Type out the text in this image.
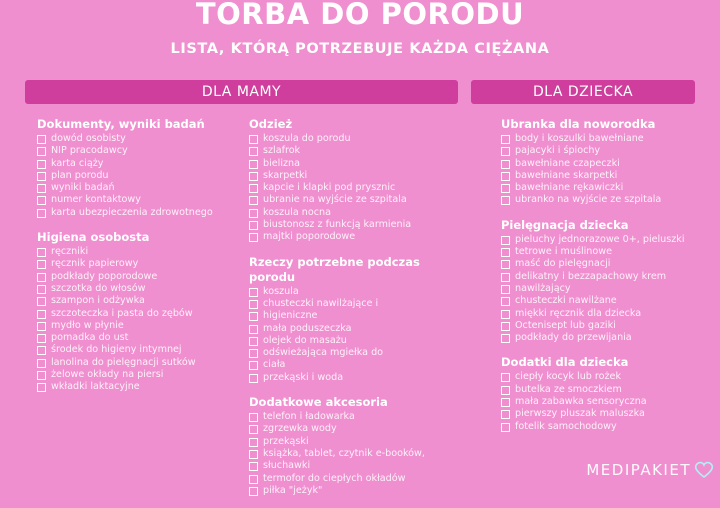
TORBA DO PORODU
LISTA, KTÓRĄ POTRZEBUJE KAŻDA CIĘŻANA
DLA MAMY	DLA DZIECKA
Dokumenty, wyniki badań
dowód osobisty
NIP pracodawcy
karta ciąży
plan porodu
wyniki badań
numer kontaktowy
karta ubezpieczenia zdrowotnego
Higiena osobosta
ręczniki
ręcznik papierowy
podkłady poporodowe
szczotka do włosów
szampon i odżywka
szczoteczka i pasta do zębów
mydło w płynie
pomadka do ust
środek do higieny intymnej
lanolina do pielęgnacji sutków
żelowe okłady na piersi
wkładki laktacyjne
Odzież
koszula do porodu
szlafrok
bielizna
skarpetki
kapcie i klapki pod prysznic
ubranie na wyjście ze szpitala
koszula nocna
biustonosz z funkcją karmienia
majtki poporodowe
Rzeczy potrzebne podczas porodu
koszula
chusteczki nawilżające i
higieniczne
mała poduszeczka
olejek do masażu
odświeżająca mgiełka do
ciała
przekąski i woda
Dodatkowe akcesoria
telefon i ładowarka
zgrzewka wody
przekąski
książka, tablet, czytnik e-booków,
słuchawki
termofor do ciepłych okładów
piłka "jeżyk"
Ubranka dla noworodka
body i koszulki bawełniane
pajacyki i śpiochy
bawełniane czapeczki
bawełniane skarpetki
bawełniane rękawiczki
ubranko na wyjście ze szpitala
Pielęgnacja dziecka
pieluchy jednorazowe 0+, pieluszki
tetrowe i muślinowe
maść do pielęgnacji
delikatny i bezzapachowy krem
nawilżający
chusteczki nawilżane
miękki ręcznik dla dziecka
Octenisept lub gaziki
podkłady do przewijania
Dodatki dla dziecka
ciepły kocyk lub rożek
butelka ze smoczkiem
mała zabawka sensoryczna
pierwszy pluszak maluszka
fotelik samochodowy
MEDIPAKIET
